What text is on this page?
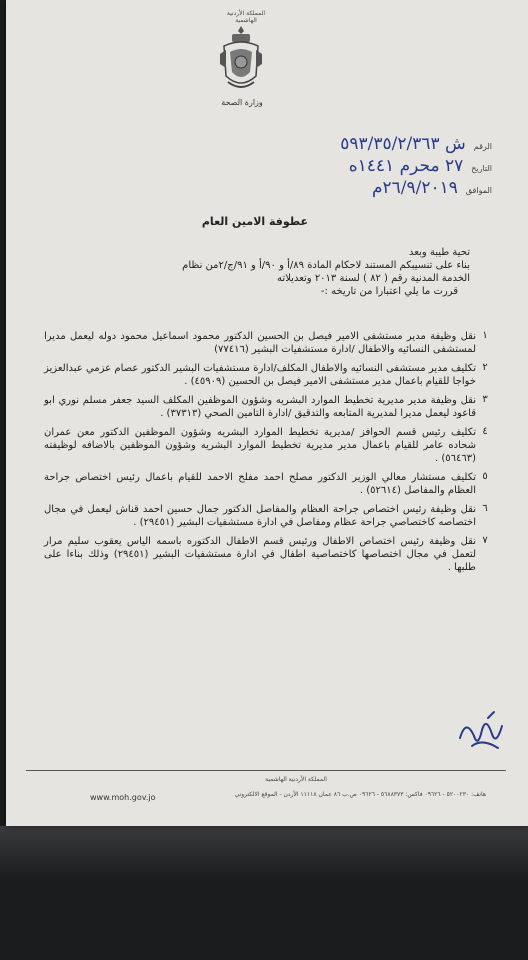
المملكة الأردنية الهاشمية
وزارة الصحة
الرقم
ش ٥٩٣/٣٥/٢/٣٦٣
التاريخ
٢٧ محرم ١٤٤١ه
الموافق
٢٦/٩/٢٠١٩م
عطوفة الامين العام
تحية طيبة وبعد
بناء على تنسيبكم المستند لاحكام المادة ٨٩/أ و ٩٠/أ و ٩١/ج/٢من نظام
الخدمة المدنية رقم ( ٨٢ ) لسنة ٢٠١٣ وتعديلاته
قررت ما يلي اعتبارا من تاريخه :-
١
نقل وظيفة مدير مستشفى الامير فيصل بن الحسين الدكتور محمود اسماعيل محمود دوله ليعمل مديرا لمستشفى النسائيه والاطفال /ادارة مستشفيات البشير (٧٧٤١٦)
٢
تكليف مدير مستشفى النسائيه والاطفال المكلف/ادارة مستشفيات البشير الدكتور عصام عزمي عبدالعزيز خواجا للقيام باعمال مدير مستشفى الامير فيصل بن الحسين (٤٥٩٠٩) .
٣
نقل وظيفة مدير مديرية تخطيط الموارد البشريه وشؤون الموظفين المكلف السيد جعفر مسلم نوري ابو قاعود ليعمل مديرا لمديرية المتابعه والتدقيق /ادارة التامين الصحي (٣٧٣١٣) .
٤
تكليف رئيس قسم الحوافز /مديرية تخطيط الموارد البشريه وشؤون الموظفين الدكتور معن عمران شحاده عامر للقيام باعمال مدير مديرية تخطيط الموارد البشريه وشؤون الموظفين بالاضافه لوظيفته (٥٦٤٦٣) .
٥
تكليف مستشار معالي الوزير الدكتور مصلح احمد مفلح الاحمد للقيام باعمال رئيس اختصاص جراحة العظام والمفاصل (٥٢٦١٤) .
٦
نقل وظيفة رئيس اختصاص جراحة العظام والمفاصل الدكتور جمال حسين احمد قناش ليعمل في مجال اختصاصه كاختصاصي جراحة عظام ومفاصل في ادارة مستشفيات البشير (٢٩٤٥١) .
٧
نقل وظيفة رئيس اختصاص الاطفال ورئيس قسم الاطفال الدكتوره باسمه الياس يعقوب سليم مرار لتعمل في مجال اختصاصها كاختصاصية اطفال في ادارة مستشفيات البشير (٢٩٤٥١) وذلك بناءا على طلبها .
المملكة الأردنية الهاشمية
هاتف: ٥٢٠٠٢٣٠ - ٠٩٦٢٦ فاكس: ٥٦٨٨٣٧٣ - ٠٩٦٢٦ ص.ب ٨٦ عمان ١١١١٨ الأردن - الموقع الالكتروني
www.moh.gov.jo
